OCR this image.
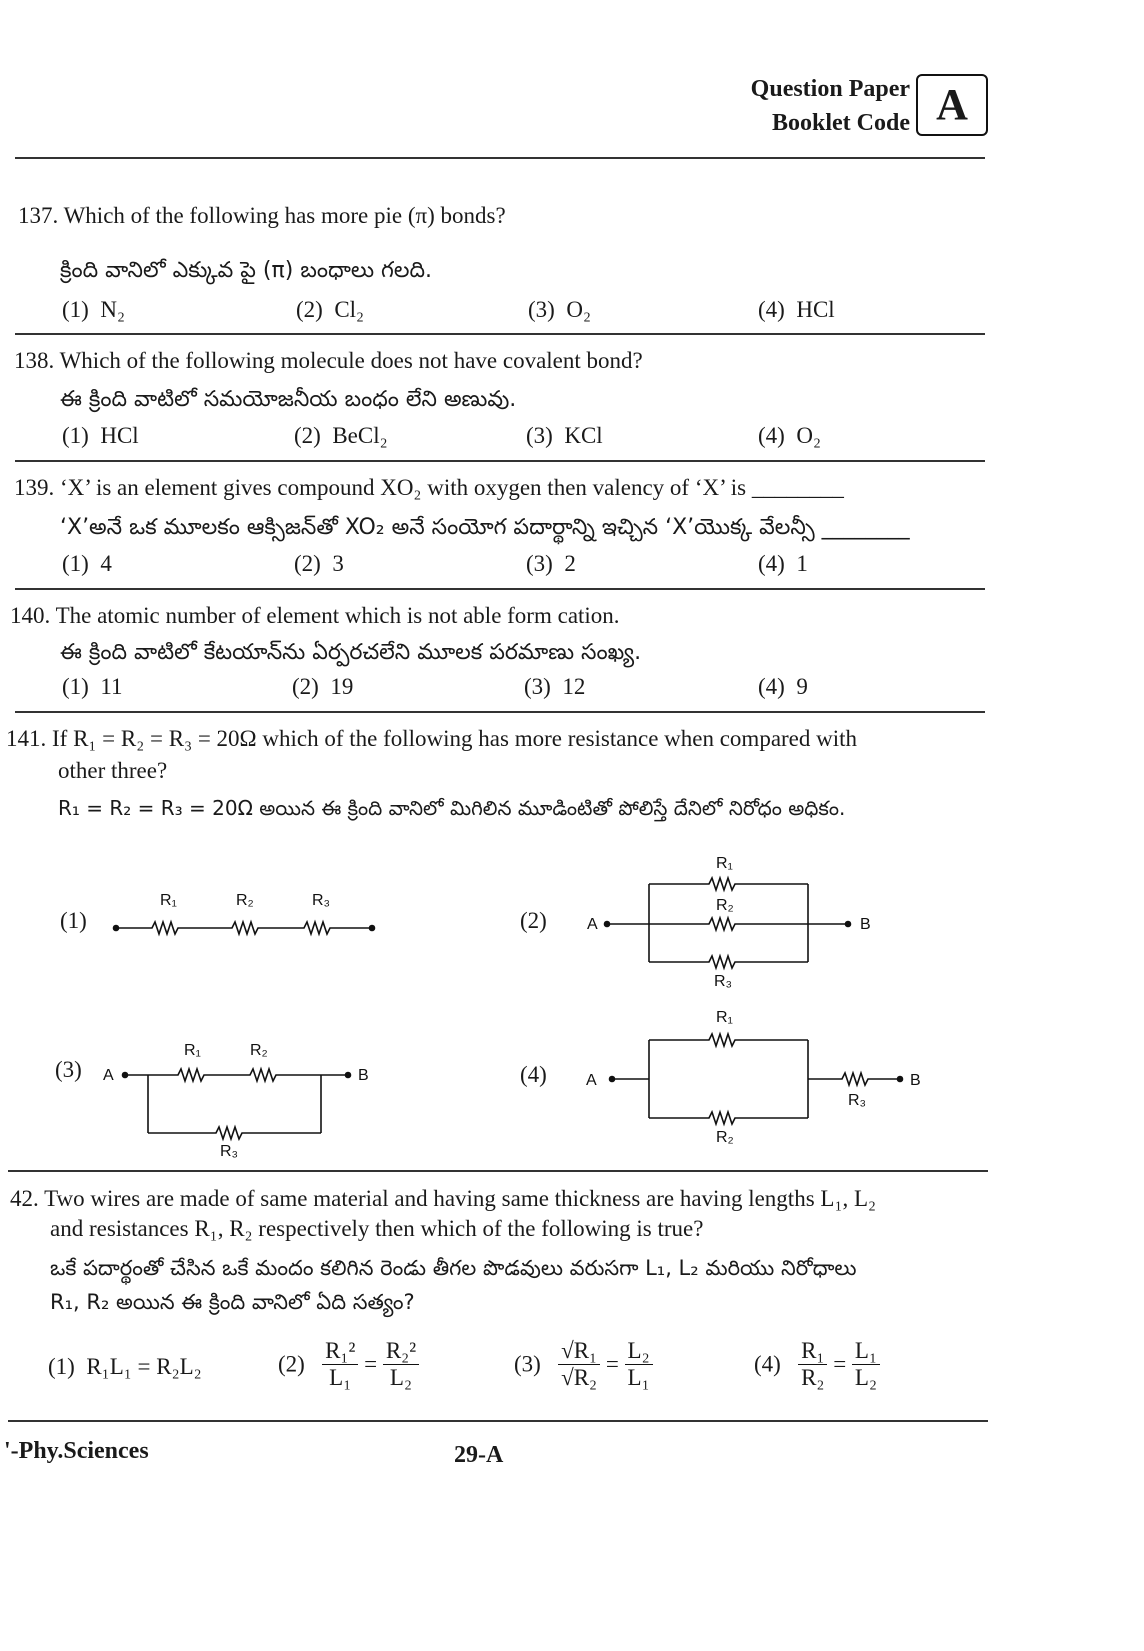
Question Paper
Booklet Code A
137. Which of the following has more pie (π) bonds?
క్రింది వానిలో ఎక్కువ పై (π) బంధాలు గలది.
(1) N₂	(2) Cl₂	(3) O₂	(4) HCl
138. Which of the following molecule does not have covalent bond?
ఈ క్రింది వాటిలో సమయోజనీయ బంధం లేని అణువు.
(1) HCl	(2) BeCl₂	(3) KCl	(4) O₂
139. ‘X’ is an element gives compound XO₂ with oxygen then valency of ‘X’ is ________
‘X’అనే ఒక మూలకం ఆక్సిజన్‌తో XO₂ అనే సంయోగ పదార్థాన్ని ఇచ్చిన ‘X’యొక్క వేలన్సీ ________
(1) 4	(2) 3	(3) 2	(4) 1
140. The atomic number of element which is not able form cation.
ఈ క్రింది వాటిలో కేటయాన్‌ను ఏర్పరచలేని మూలక పరమాణు సంఖ్య.
(1) 11	(2) 19	(3) 12	(4) 9
141. If R₁ = R₂ = R₃ = 20Ω which of the following has more resistance when compared with
other three?
R₁ = R₂ = R₃ = 20Ω అయిన ఈ క్రింది వానిలో మిగిలిన మూడింటితో పోలిస్తే దేనిలో నిరోధం అధికం.
(1)	(2)
(3)	(4)
R₁	R₂	R₃
A	B
R₁
R₂
R₃
A	B
R₁	R₂
R₃
A	B
R₁
R₂
R₃
42. Two wires are made of same material and having same thickness are having lengths L₁, L₂
and resistances R₁, R₂ respectively then which of the following is true?
ఒకే పదార్థంతో చేసిన ఒకే మందం కలిగిన రెండు తీగల పొడవులు వరుసగా L₁, L₂ మరియు నిరోధాలు
R₁, R₂ అయిన ఈ క్రింది వానిలో ఏది సత్యం?
(1) R₁L₁ = R₂L₂	$(2) \frac{\text{R₁²}}{\text{L₁}} = \frac{\text{R₂²}}{\text{L₂}}$	$(3) \frac{\text{√R₁}}{\text{√R₂}} = \frac{\text{L₂}}{\text{L₁}}$	$(4) \frac{\text{R₁}}{\text{R₂}} = \frac{\text{L₁}}{\text{L₂}}$
'-Phy.Sciences	29-A
